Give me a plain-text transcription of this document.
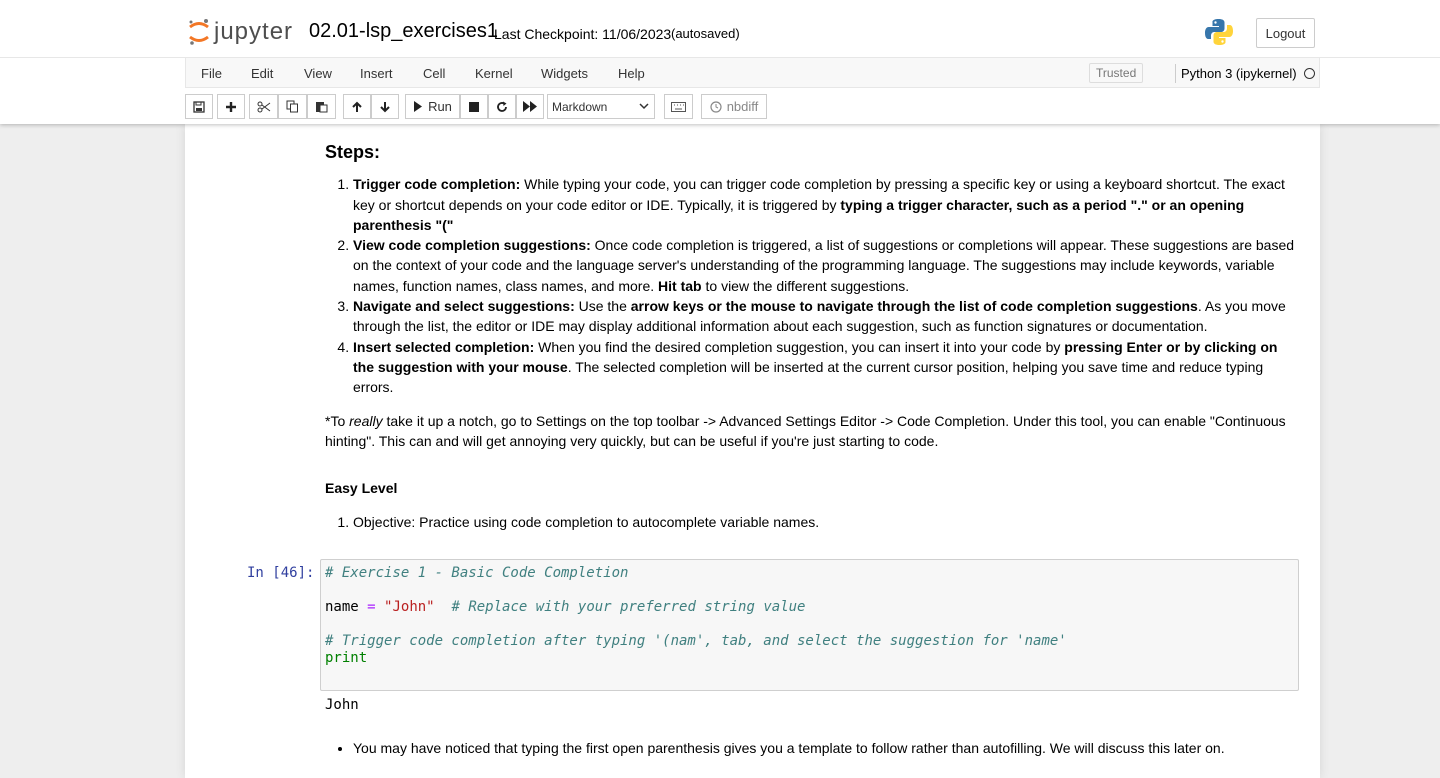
jupyter 02.01-lsp_exercises1
Last Checkpoint: 11/06/2023 (autosaved)	Logout
File Edit View Insert Cell Kernel Widgets Help	Trusted	Python 3 (ipykernel)
Run	Markdown	nbdiff
Steps:
1. Trigger code completion: While typing your code, you can trigger code completion by pressing a specific key or using a keyboard shortcut. The exact key or shortcut depends on your code editor or IDE. Typically, it is triggered by typing a trigger character, such as a period "." or an opening parenthesis "("
2. View code completion suggestions: Once code completion is triggered, a list of suggestions or completions will appear. These suggestions are based on the context of your code and the language server's understanding of the programming language. The suggestions may include keywords, variable names, function names, class names, and more. Hit tab to view the different suggestions.
3. Navigate and select suggestions: Use the arrow keys or the mouse to navigate through the list of code completion suggestions. As you move through the list, the editor or IDE may display additional information about each suggestion, such as function signatures or documentation.
4. Insert selected completion: When you find the desired completion suggestion, you can insert it into your code by pressing Enter or by clicking on the suggestion with your mouse. The selected completion will be inserted at the current cursor position, helping you save time and reduce typing errors.

*To really take it up a notch, go to Settings on the top toolbar -> Advanced Settings Editor -> Code Completion. Under this tool, you can enable "Continuous hinting". This can and will get annoying very quickly, but can be useful if you're just starting to code.

Easy Level

1. Objective: Practice using code completion to autocomplete variable names.
In [46]: # Exercise 1 - Basic Code Completion
name = "John" # Replace with your preferred string value
# Trigger code completion after typing '(nam', tab, and select the suggestion for 'name'
print
John
• You may have noticed that typing the first open parenthesis gives you a template to follow rather than autofilling. We will discuss this later on.
